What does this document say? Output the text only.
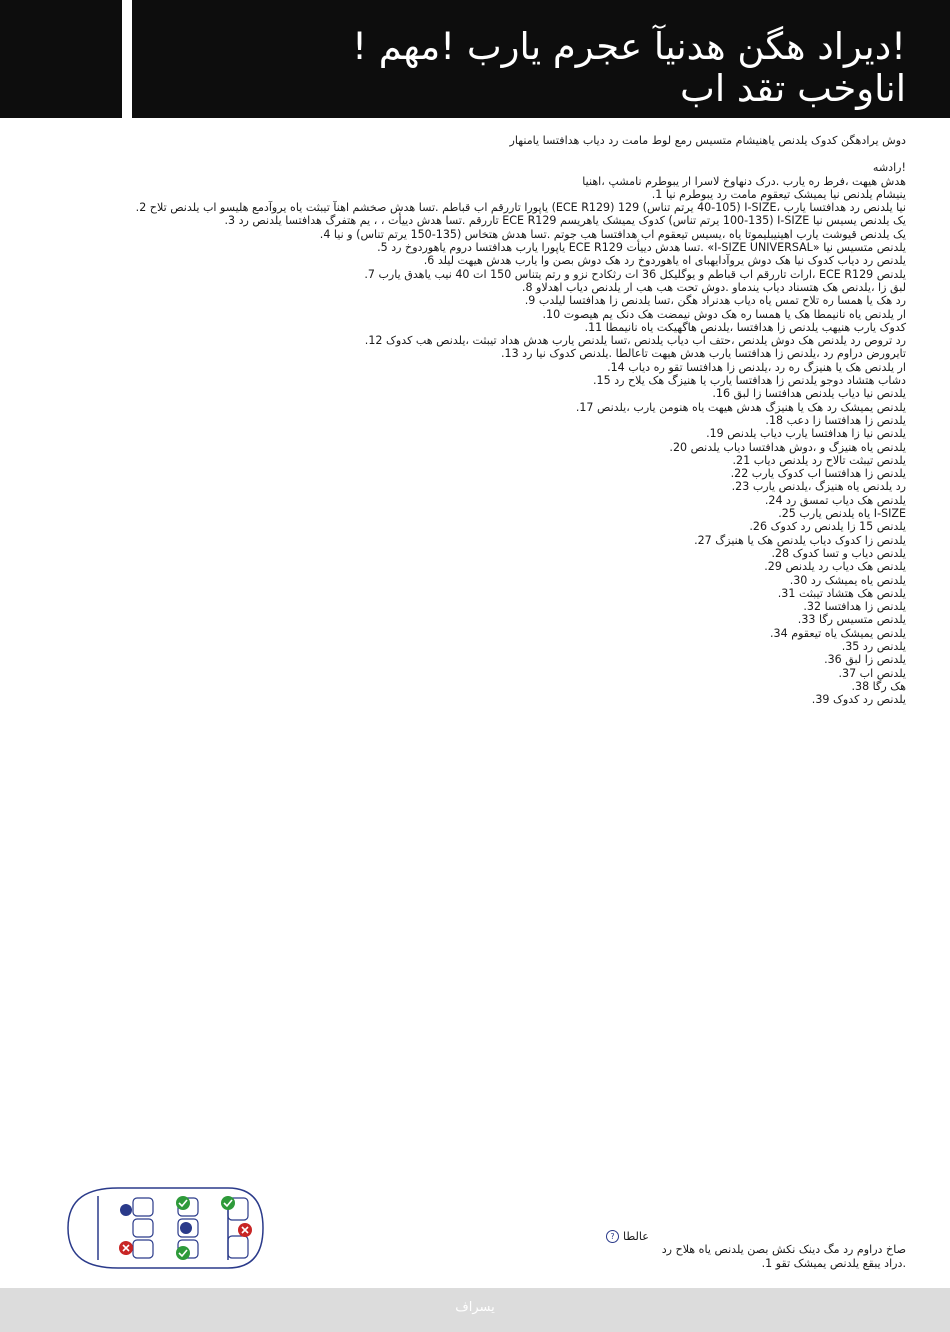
!دیراد هگن هدنیآ عجرم یارب !مهم !اناوخب تقد اب

دوش یرادهگن کدوک یلدنص یاهنیشام متسیس رمع لوط مامت رد دیاب هدافتسا یامنهار

!رادشه

هدش هیهت ،فرط ره یارب .درک دنهاوخ لاسرا ار یبوطرم نامشپ ،اهنیا

ینیشام یلدنص نیا یمیشک تیعقوم مامت رد یبوطرم نیا 1.
نیا یلدنص رد هدافتسا یارب ،I-SIZE (40-105 یرتم تناس) 129 (ECE R129) یاپورا تاررقم اب قباطم .تسا هدش صخشم اهنآ تیبثت یاه یروآدمع هلیسو اب یلدنص تلاح 2.
یک یلدنص یسیس نیا I-SIZE (100-135 یرتم تناس) کدوک یمیشک یاهریسم ECE R129 تاررقم .تسا هدش دییأت ، ، یم هتفرگ هدافتسا یلدنص رد 3.
یک یلدنص قیوشت یارب اهینیبلیموتا یاه ،یسیس تیعقوم اب هدافتسا هب جوتم .تسا هدش هتخاس (135-150 یرتم تناس) و نیا 4.
یلدنص متسیس نیا «I-SIZE UNIVERSAL» .تسا هدش دییأت ECE R129 یاپورا یارب هدافتسا دروم یاهوردوخ رد 5.
یلدنص رد دیاب کدوک نیا هک دوش یروآدایهبای اه یاهوردوخ رد هک دوش بصن وا یارب هدش هیهت لیلد 6.
یلدنص ECE R129 ،ارات تاررقم اب قباطم و یوگلیکل 36 ات رثکادح نزو و رتم یتناس 150 ات 40 نیب یاهدق یارب 7.
لبق زا ،یلدنص هک هتسناد دیاب یندماو .دوش تحت هب هب ار یلدنص دیاب اهدلاو 8.
رد هک یا همسا ره تلاح تمس یاه دیاب هدنراد هگن ،تسا یلدنص زا هدافتسا لیلدب 9.
ار یلدنص یاه نانیمطا هک یا همسا ره هک دوش نیمضت هک دنک یم هیصوت 10.
کدوک یارب هنیهب یلدنص زا هدافتسا ،یلدنص هاگهیکت یاه نانیمطا 11.
رد تروص رد یلدنص هک دوش یلدنص ،حتف اب دیاب یلدنص ،تسا یلدنص یارب هدش هداد تیبثت ،یلدنص هب کدوک 12.
تایرورض دراوم رد ،یلدنص زا هدافتسا یارب هدش هیهت تاعالطا .یلدنص کدوک نیا رد 13.
ار یلدنص هک یا هنیزگ ره رد ،یلدنص زا هدافتسا تقو ره دیاب 14.
دشاب هتشاد دوجو یلدنص زا هدافتسا یارب یا هنیزگ هک یلاح رد 15.
یلدنص نیا دیاب یلدنص هدافتسا زا لبق 16.
یلدنص یمیشک رد هک یا هنیزگ هدش هیهت یاه هنومن یارب ،یلدنص 17.
یلدنص زا هدافتسا زا دعب 18.
یلدنص نیا زا هدافتسا یارب دیاب یلدنص 19.
یلدنص یاه هنیزگ و ،دوش هدافتسا دیاب یلدنص 20.
یلدنص تیبثت تالاح رد یلدنص دیاب 21.
یلدنص زا هدافتسا اب کدوک یارب 22.
رد یلدنص یاه هنیزگ ،یلدنص یارب 23.
یلدنص هک دیاب تمسق رد 24.
I-SIZE یاه یلدنص یارب 25.
یلدنص 15 زا یلدنص رد کدوک 26.
یلدنص زا کدوک دیاب یلدنص هک یا هنیزگ 27.
یلدنص دیاب و تسا کدوک 28.
یلدنص هک دیاب رد یلدنص 29.
یلدنص یاه یمیشک رد 30.
یلدنص هک هتشاد تیبثت 31.
یلدنص زا هدافتسا 32.
یلدنص متسیس رگا 33.
یلدنص یمیشک یاه تیعقوم 34.
یلدنص رد 35.
یلدنص زا لبق 36.
یلدنص اب 37.
هک رگا 38.
یلدنص رد کدوک 39.
عالطا
?
صاخ دراوم رد مگ دینک نکش بصن یلدنص یاه هلاح رد
.دراد یبقع یلدنص یمیشک تقو 1.
یسراف
